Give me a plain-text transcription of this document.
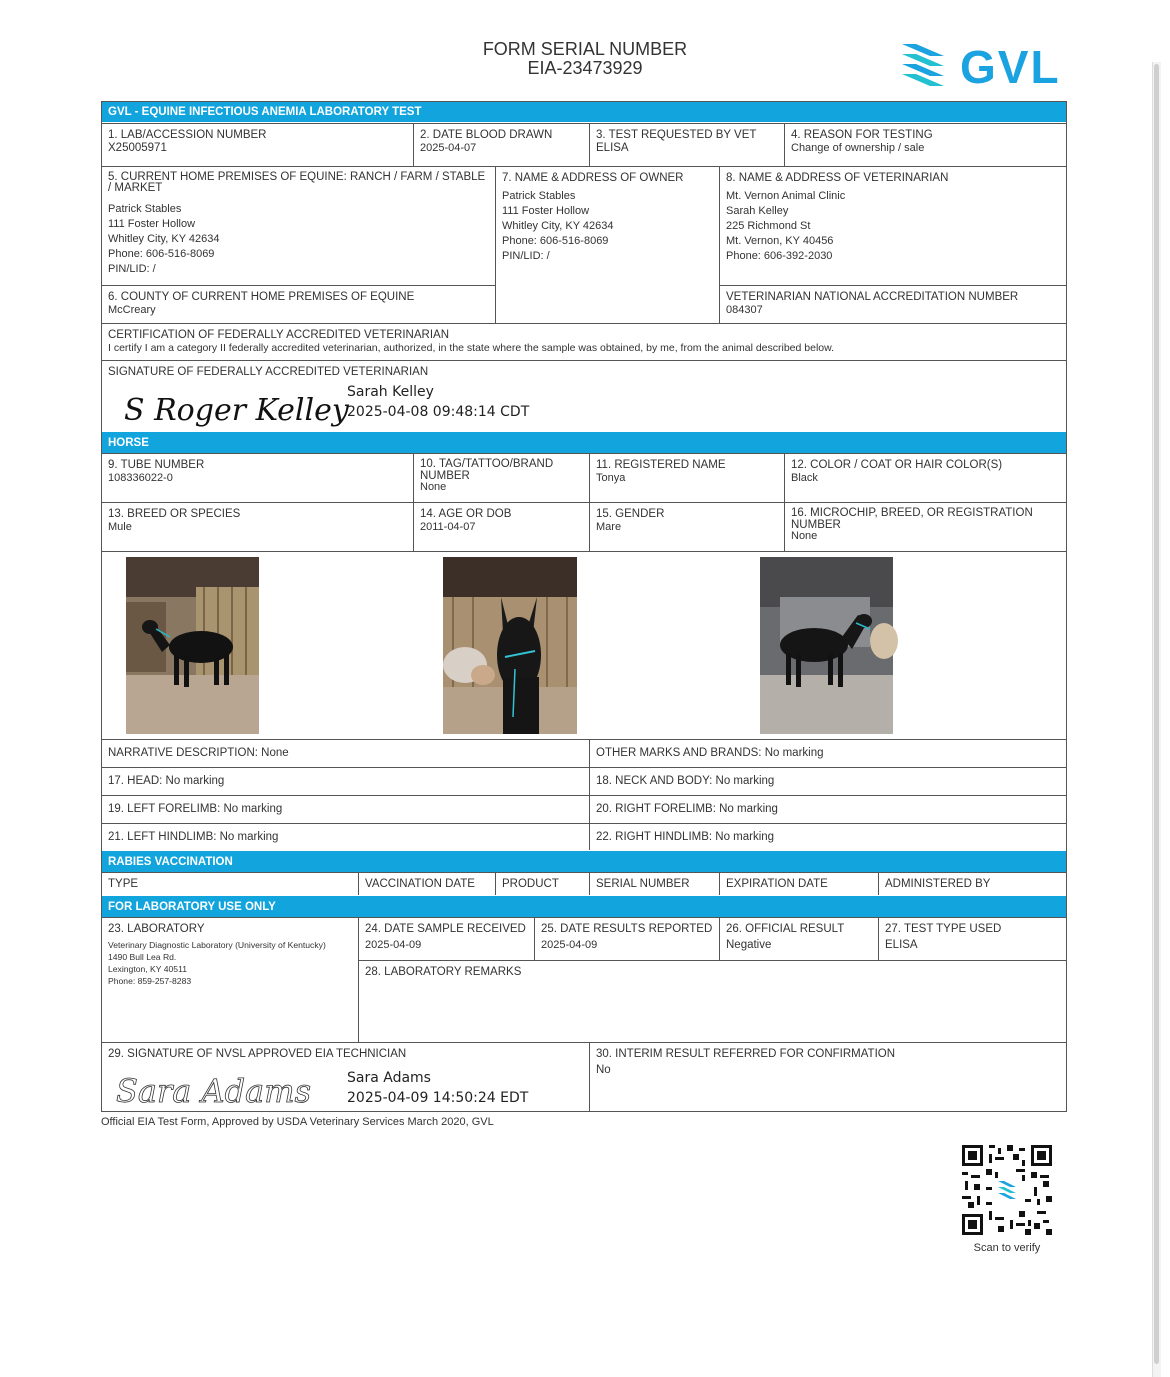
FORM SERIAL NUMBER
EIA-23473929	GVL
GVL - EQUINE INFECTIOUS ANEMIA LABORATORY TEST
1. LAB/ACCESSION NUMBER
X25005971
2. DATE BLOOD DRAWN
2025-04-07
3. TEST REQUESTED BY VET
ELISA
4. REASON FOR TESTING
Change of ownership / sale
5. CURRENT HOME PREMISES OF EQUINE: RANCH / FARM / STABLE / MARKET
Patrick Stables
111 Foster Hollow
Whitley City, KY 42634
Phone: 606-516-8069
PIN/LID: /
7. NAME & ADDRESS OF OWNER
Patrick Stables
111 Foster Hollow
Whitley City, KY 42634
Phone: 606-516-8069
PIN/LID: /
8. NAME & ADDRESS OF VETERINARIAN
Mt. Vernon Animal Clinic
Sarah Kelley
225 Richmond St
Mt. Vernon, KY 40456
Phone: 606-392-2030
6. COUNTY OF CURRENT HOME PREMISES OF EQUINE
McCreary
VETERINARIAN NATIONAL ACCREDITATION NUMBER
084307
CERTIFICATION OF FEDERALLY ACCREDITED VETERINARIAN
I certify I am a category II federally accredited veterinarian, authorized, in the state where the sample was obtained, by me, from the animal described below.
SIGNATURE OF FEDERALLY ACCREDITED VETERINARIAN
S Roger Kelley
Sarah Kelley
2025-04-08 09:48:14 CDT
HORSE
9. TUBE NUMBER
108336022-0
10. TAG/TATTOO/BRAND
NUMBER
None
11. REGISTERED NAME
Tonya
12. COLOR / COAT OR HAIR COLOR(S)
Black
13. BREED OR SPECIES
Mule
14. AGE OR DOB
2011-04-07
15. GENDER
Mare
16. MICROCHIP, BREED, OR REGISTRATION
NUMBER
None
NARRATIVE DESCRIPTION: None	OTHER MARKS AND BRANDS: No marking
17. HEAD: No marking	18. NECK AND BODY: No marking
19. LEFT FORELIMB: No marking	20. RIGHT FORELIMB: No marking
21. LEFT HINDLIMB: No marking	22. RIGHT HINDLIMB: No marking
RABIES VACCINATION
TYPE	VACCINATION DATE	PRODUCT	SERIAL NUMBER	EXPIRATION DATE	ADMINISTERED BY
FOR LABORATORY USE ONLY
23. LABORATORY
Veterinary Diagnostic Laboratory (University of Kentucky)
1490 Bull Lea Rd.
Lexington, KY 40511
Phone: 859-257-8283
24. DATE SAMPLE RECEIVED
2025-04-09
25. DATE RESULTS REPORTED
2025-04-09
26. OFFICIAL RESULT
Negative
27. TEST TYPE USED
ELISA
28. LABORATORY REMARKS
29. SIGNATURE OF NVSL APPROVED EIA TECHNICIAN
Sara Adams	Sara Adams
2025-04-09 14:50:24 EDT
30. INTERIM RESULT REFERRED FOR CONFIRMATION
No
Official EIA Test Form, Approved by USDA Veterinary Services March 2020, GVL
Scan to verify
